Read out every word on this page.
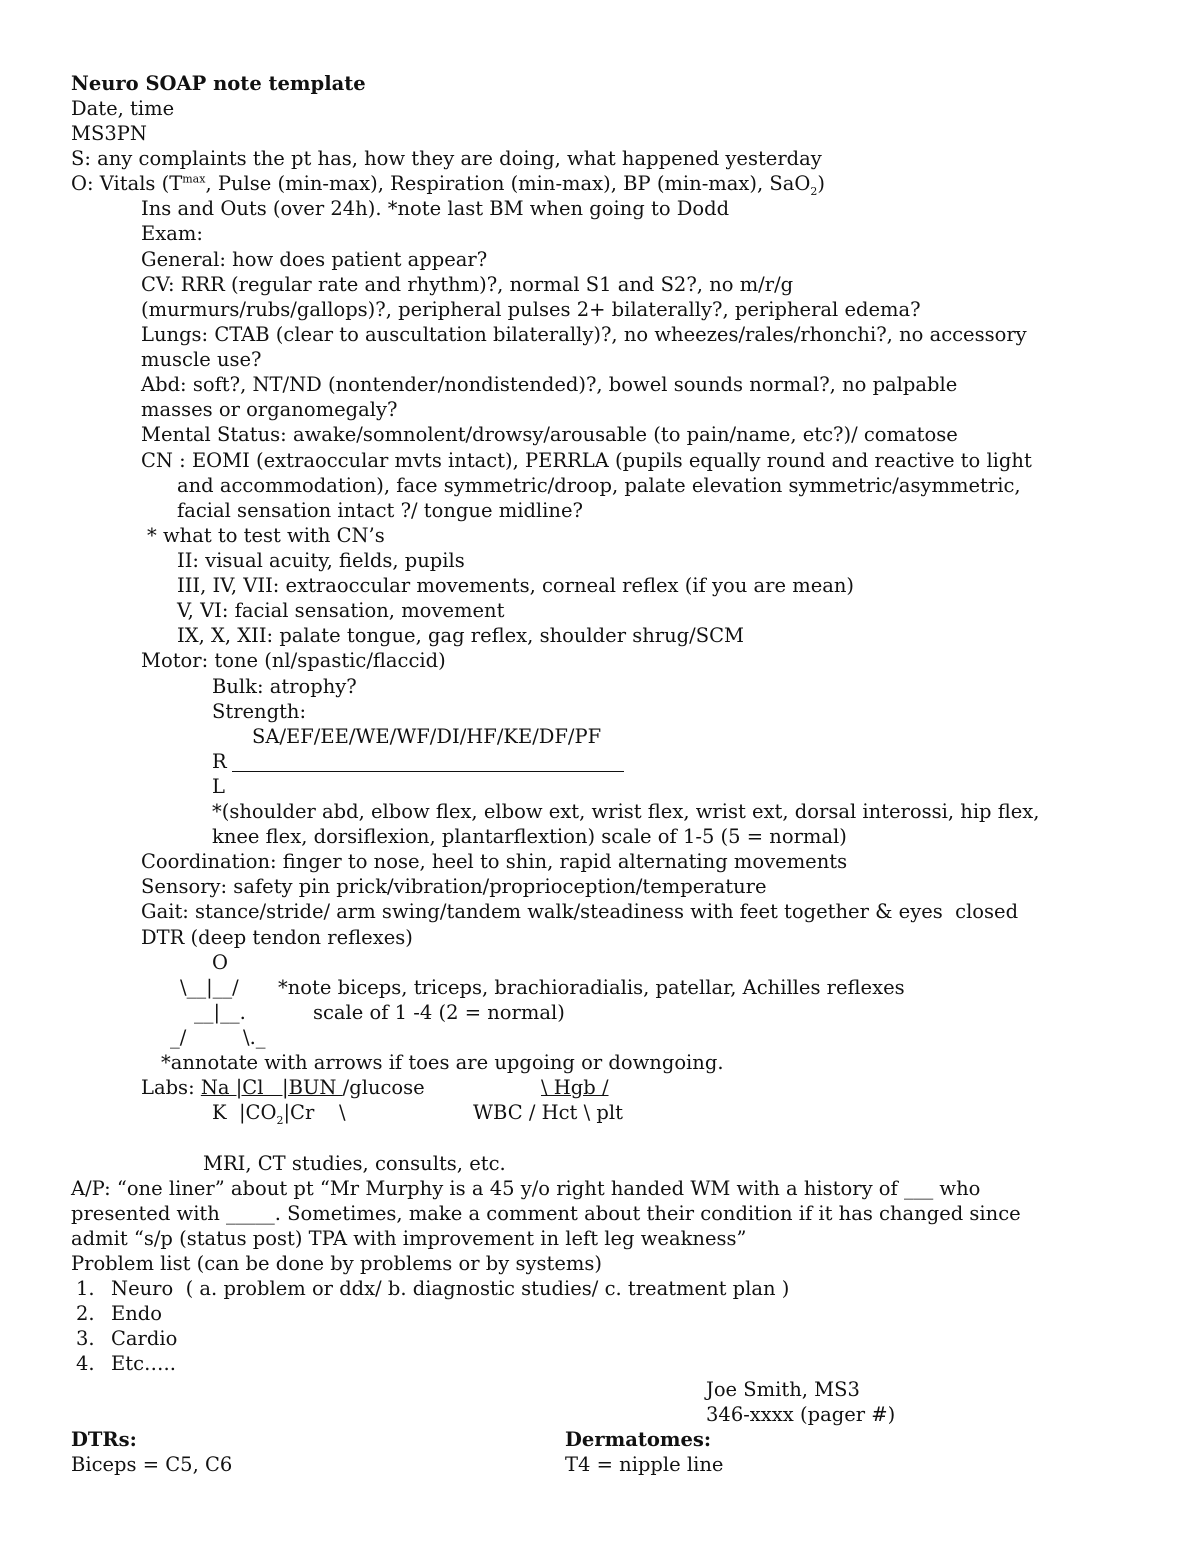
Neuro SOAP note template
Date, time
MS3PN
S: any complaints the pt has, how they are doing, what happened yesterday
O: Vitals ($T^{max}$, Pulse (min-max), Respiration (min-max), BP (min-max), SaO$_2$)
Ins and Outs (over 24h). *note last BM when going to Dodd
Exam:
General: how does patient appear?
CV: RRR (regular rate and rhythm)?, normal S1 and S2?, no m/r/g
(murmurs/rubs/gallops)?, peripheral pulses 2+ bilaterally?, peripheral edema?
Lungs: CTAB (clear to auscultation bilaterally)?, no wheezes/rales/rhonchi?, no accessory
muscle use?
Abd: soft?, NT/ND (nontender/nondistended)?, bowel sounds normal?, no palpable
masses or organomegaly?
Mental Status: awake/somnolent/drowsy/arousable (to pain/name, etc?)/ comatose
CN : EOMI (extraoccular mvts intact), PERRLA (pupils equally round and reactive to light
and accommodation), face symmetric/droop, palate elevation symmetric/asymmetric,
facial sensation intact ?/ tongue midline?
* what to test with CN’s
II: visual acuity, fields, pupils
III, IV, VII: extraoccular movements, corneal reflex (if you are mean)
V, VI: facial sensation, movement
IX, X, XII: palate tongue, gag reflex, shoulder shrug/SCM
Motor: tone (nl/spastic/flaccid)
Bulk: atrophy?
Strength:
SA/EF/EE/WE/WF/DI/HF/KE/DF/PF
R
L
*(shoulder abd, elbow flex, elbow ext, wrist flex, wrist ext, dorsal interossi, hip flex,
knee flex, dorsiflexion, plantarflextion) scale of 1-5 (5 = normal)
Coordination: finger to nose, heel to shin, rapid alternating movements
Sensory: safety pin prick/vibration/proprioception/temperature
Gait: stance/stride/ arm swing/tandem walk/steadiness with feet together & eyes  closed
DTR (deep tendon reflexes)
O
\__|__/ *note biceps, triceps, brachioradialis, patellar, Achilles reflexes
__|__.	scale of 1 -4 (2 = normal)
_/	\._
*annotate with arrows if toes are upgoing or downgoing.
Labs: Na |Cl   |BUN /glucose	\ Hgb /
K  $|CO_2|Cr$    \	WBC / Hct \ plt
MRI, CT studies, consults, etc.
A/P: “one liner” about pt “Mr Murphy is a 45 y/o right handed WM with a history of ___ who
presented with _____. Sometimes, make a comment about their condition if it has changed since
admit “s/p (status post) TPA with improvement in left leg weakness”
Problem list (can be done by problems or by systems)
1. Neuro  ( a. problem or ddx/ b. diagnostic studies/ c. treatment plan )
2. Endo
3. Cardio
4. Etc…..
Joe Smith, MS3
346-xxxx (pager #)
DTRs:	Dermatomes:
Biceps = C5, C6	T4 = nipple line
